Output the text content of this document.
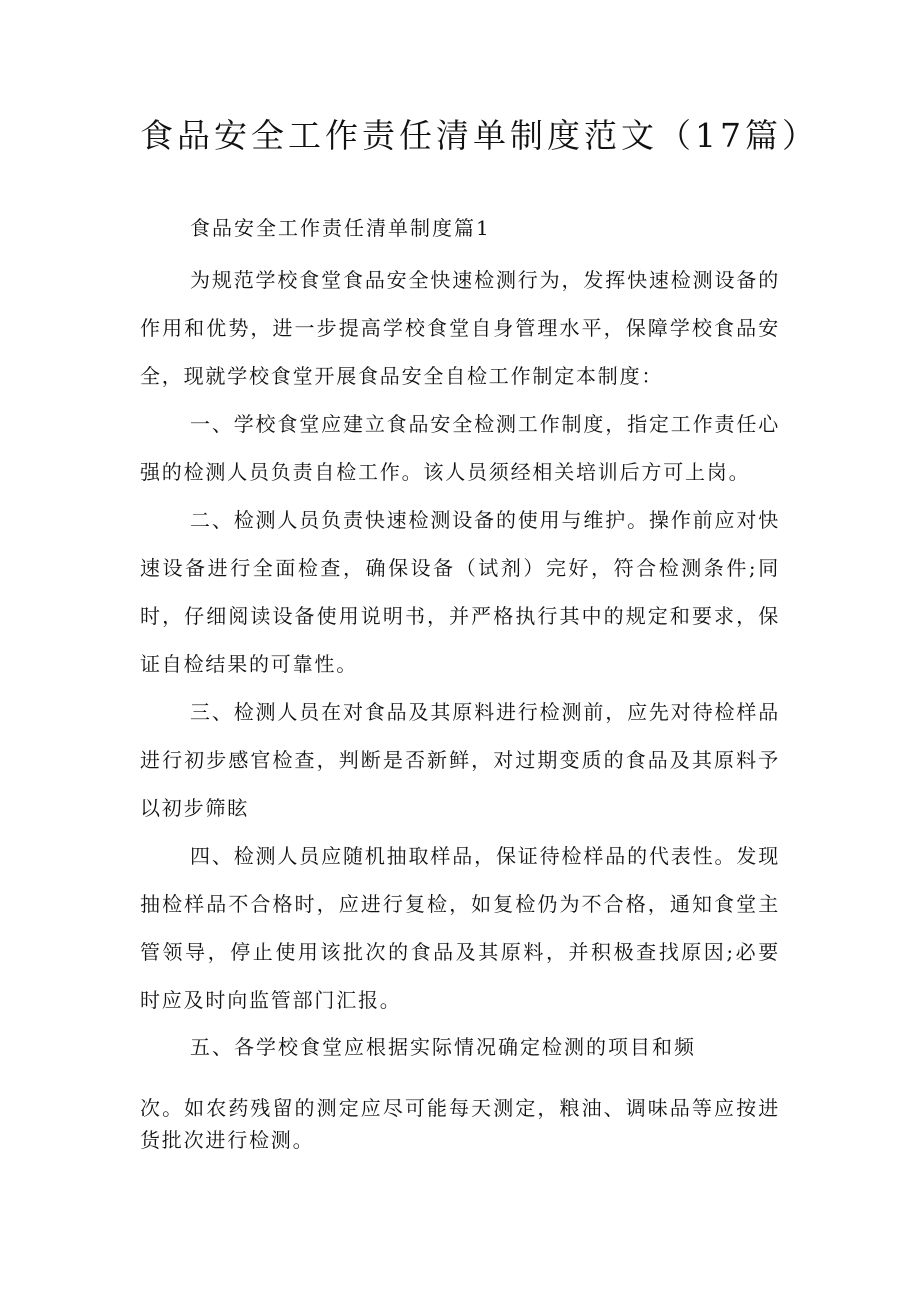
食品安全工作责任清单制度范文（17篇）
食品安全工作责任清单制度篇1

为规范学校食堂食品安全快速检测行为，发挥快速检测设备的作用和优势，进一步提高学校食堂自身管理水平，保障学校食品安全，现就学校食堂开展食品安全自检工作制定本制度：

一、学校食堂应建立食品安全检测工作制度，指定工作责任心强的检测人员负责自检工作。该人员须经相关培训后方可上岗。

二、检测人员负责快速检测设备的使用与维护。操作前应对快速设备进行全面检查，确保设备（试剂）完好，符合检测条件;同时，仔细阅读设备使用说明书，并严格执行其中的规定和要求，保证自检结果的可靠性。

三、检测人员在对食品及其原料进行检测前，应先对待检样品进行初步感官检查，判断是否新鲜，对过期变质的食品及其原料予以初步筛眩

四、检测人员应随机抽取样品，保证待检样品的代表性。发现抽检样品不合格时，应进行复检，如复检仍为不合格，通知食堂主管领导，停止使用该批次的食品及其原料，并积极查找原因;必要时应及时向监管部门汇报。

五、各学校食堂应根据实际情况确定检测的项目和频

次。如农药残留的测定应尽可能每天测定，粮油、调味品等应按进货批次进行检测。
